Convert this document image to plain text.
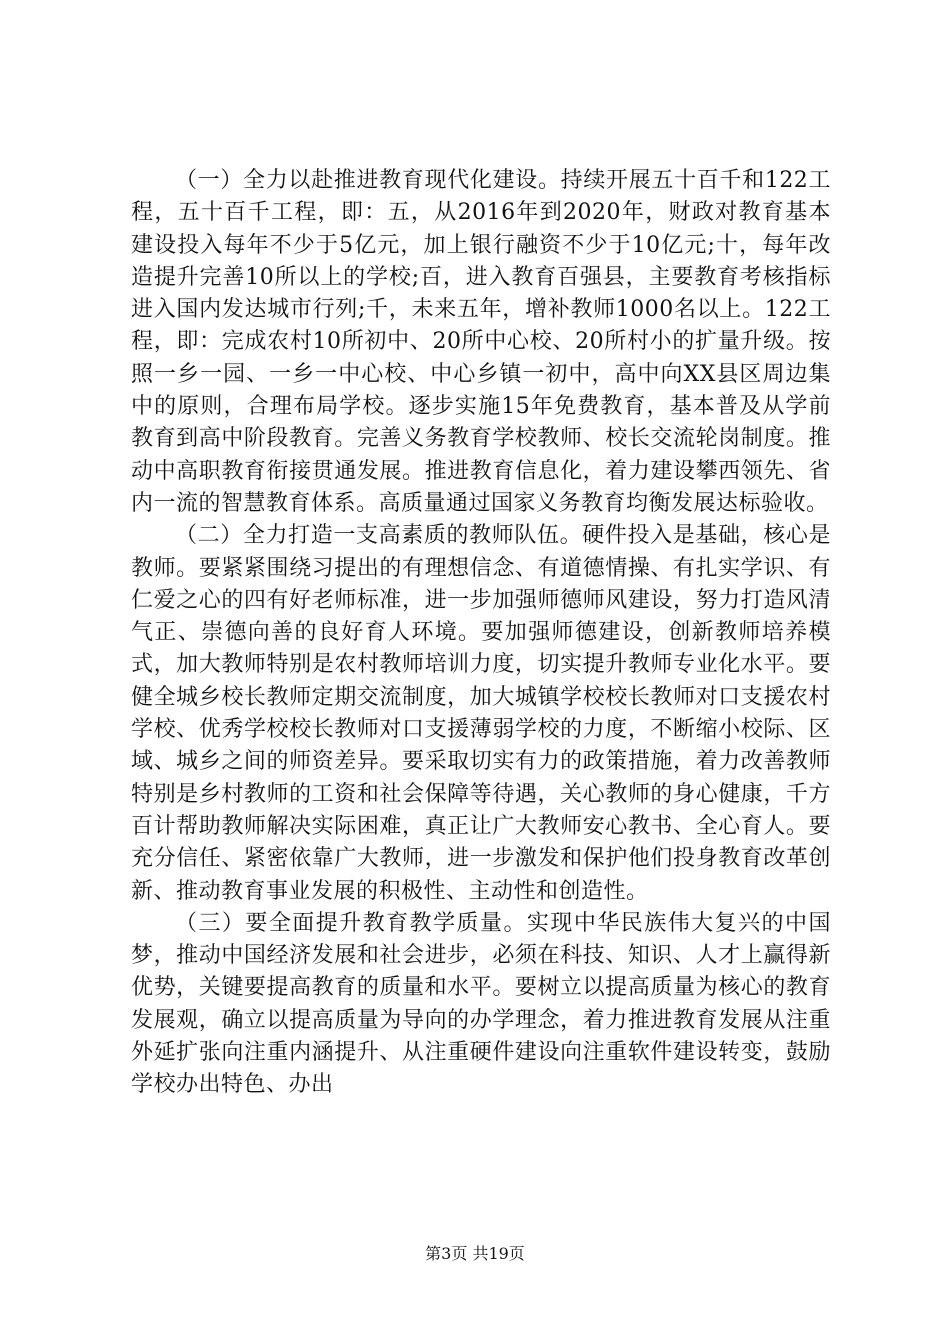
（一）全力以赴推进教育现代化建设。持续开展五十百千和122工程，五十百千工程，即：五，从2016年到2020年，财政对教育基本建设投入每年不少于5亿元，加上银行融资不少于10亿元;十，每年改造提升完善10所以上的学校;百，进入教育百强县，主要教育考核指标进入国内发达城市行列;千，未来五年，增补教师1000名以上。122工程，即：完成农村10所初中、20所中心校、20所村小的扩量升级。按照一乡一园、一乡一中心校、中心乡镇一初中，高中向XX县区周边集中的原则，合理布局学校。逐步实施15年免费教育，基本普及从学前教育到高中阶段教育。完善义务教育学校教师、校长交流轮岗制度。推动中高职教育衔接贯通发展。推进教育信息化，着力建设攀西领先、省内一流的智慧教育体系。高质量通过国家义务教育均衡发展达标验收。

（二）全力打造一支高素质的教师队伍。硬件投入是基础，核心是教师。要紧紧围绕习提出的有理想信念、有道德情操、有扎实学识、有仁爱之心的四有好老师标准，进一步加强师德师风建设，努力打造风清气正、崇德向善的良好育人环境。要加强师德建设，创新教师培养模式，加大教师特别是农村教师培训力度，切实提升教师专业化水平。要健全城乡校长教师定期交流制度，加大城镇学校校长教师对口支援农村学校、优秀学校校长教师对口支援薄弱学校的力度，不断缩小校际、区域、城乡之间的师资差异。要采取切实有力的政策措施，着力改善教师特别是乡村教师的工资和社会保障等待遇，关心教师的身心健康，千方百计帮助教师解决实际困难，真正让广大教师安心教书、全心育人。要充分信任、紧密依靠广大教师，进一步激发和保护他们投身教育改革创新、推动教育事业发展的积极性、主动性和创造性。

（三）要全面提升教育教学质量。实现中华民族伟大复兴的中国梦，推动中国经济发展和社会进步，必须在科技、知识、人才上赢得新优势，关键要提高教育的质量和水平。要树立以提高质量为核心的教育发展观，确立以提高质量为导向的办学理念，着力推进教育发展从注重外延扩张向注重内涵提升、从注重硬件建设向注重软件建设转变，鼓励学校办出特色、办出

第3页 共19页
